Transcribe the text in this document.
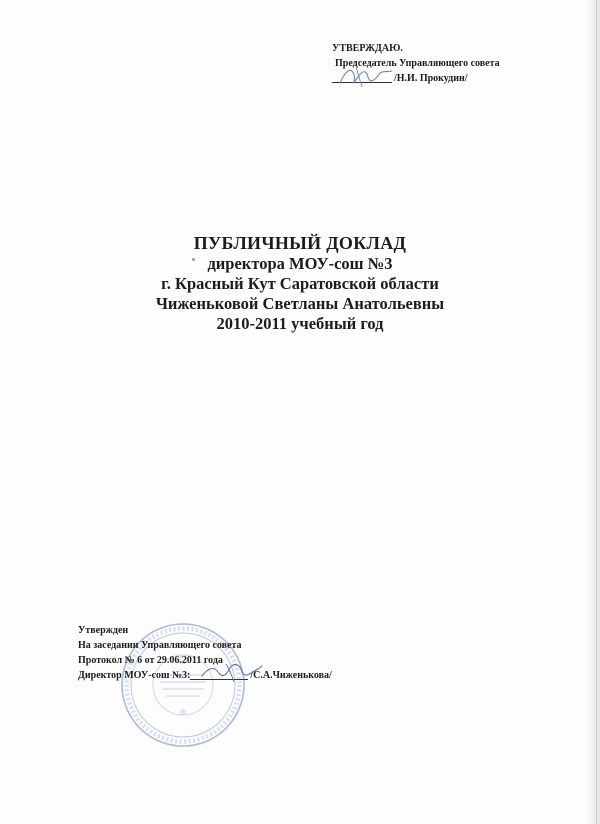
УТВЕРЖДАЮ.
Председатель Управляющего совета
/Н.И. Прокудин/
ПУБЛИЧНЫЙ ДОКЛАД
директора МОУ-сош №3
г. Красный Кут Саратовской области
Чиженьковой Светланы Анатольевны
2010-2011 учебный год
Утвержден
На заседании Управляющего совета
Протокол № 6 от 29.06.2011 года
Директор МОУ-сош №3:	/С.А.Чиженькова/
